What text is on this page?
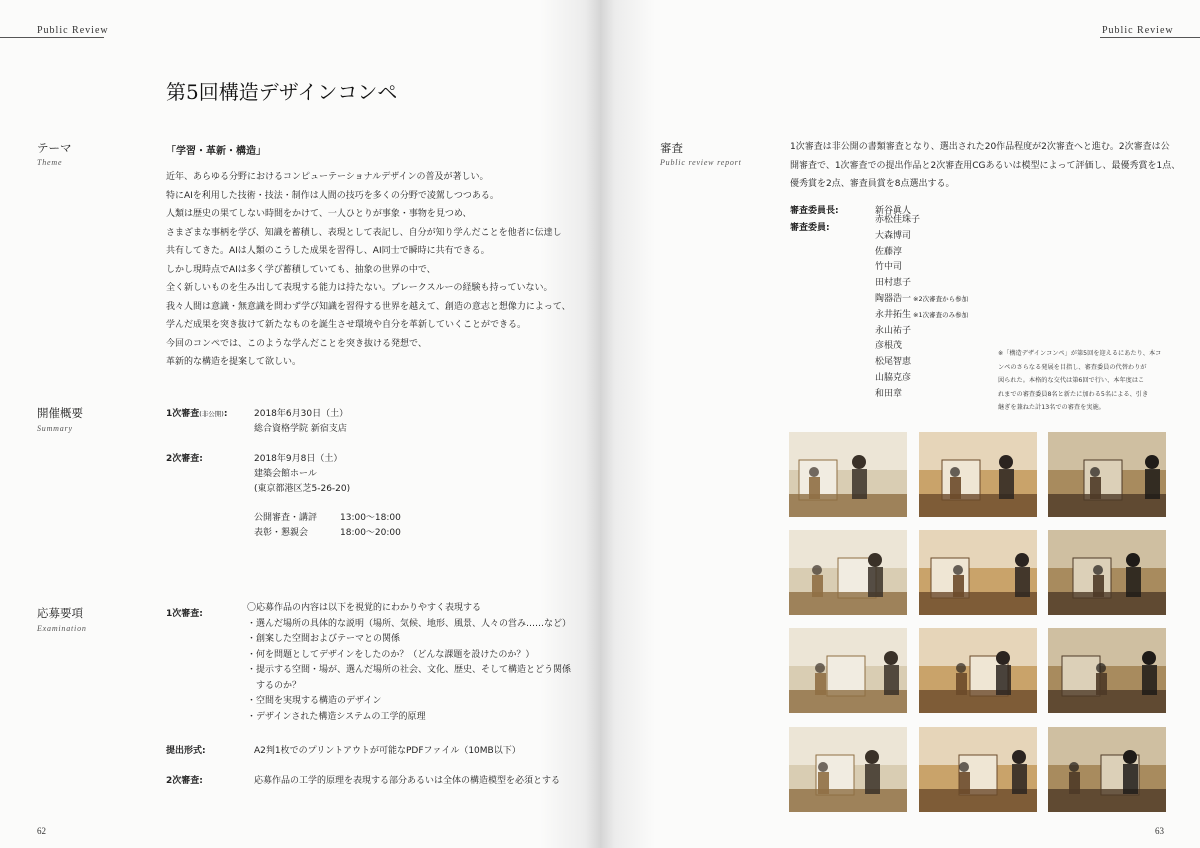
Public Review
第5回構造デザインコンペ
テーマ
Theme
「学習・革新・構造」
近年、あらゆる分野におけるコンピューテーショナルデザインの普及が著しい。
特にAIを利用した技術・技法・制作は人間の技巧を多くの分野で凌駕しつつある。
人類は歴史の果てしない時間をかけて、一人ひとりが事象・事物を見つめ、
さまざまな事柄を学び、知識を蓄積し、表現として表記し、自分が知り学んだことを他者に伝達し
共有してきた。AIは人類のこうした成果を習得し、AI同士で瞬時に共有できる。
しかし現時点でAIは多く学び蓄積していても、抽象の世界の中で、
全く新しいものを生み出して表現する能力は持たない。ブレークスルーの経験も持っていない。
我々人間は意識・無意識を問わず学び知識を習得する世界を越えて、創造の意志と想像力によって、
学んだ成果を突き抜けて新たなものを誕生させ環境や自分を革新していくことができる。
今回のコンペでは、このような学んだことを突き抜ける発想で、
革新的な構造を提案して欲しい。
開催概要
Summary
1次審査(非公開):	2018年6月30日（土）
総合資格学院 新宿支店
2次審査:	2018年9月8日（土）
建築会館ホール
(東京都港区芝5-26-20)
公開審査・講評	13:00～18:00
表彰・懇親会	18:00～20:00
応募要項
Examination
1次審査:
〇応募作品の内容は以下を視覚的にわかりやすく表現する
・選んだ場所の具体的な説明（場所、気候、地形、風景、人々の営み……など）
・創案した空間およびテーマとの関係
・何を問題としてデザインをしたのか？（どんな課題を設けたのか？）
・提示する空間・場が、選んだ場所の社会、文化、歴史、そして構造とどう関係
　するのか？
・空間を実現する構造のデザイン
・デザインされた構造システムの工学的原理
提出形式:	A2判1枚でのプリントアウトが可能なPDFファイル（10MB以下）
2次審査:	応募作品の工学的原理を表現する部分あるいは全体の構造模型を必須とする
62
Public Review
審査
Public review report
1次審査は非公開の書類審査となり、選出された20作品程度が2次審査へと進む。2次審査は公
開審査で、1次審査での提出作品と2次審査用CGあるいは模型によって評価し、最優秀賞を1点、
優秀賞を2点、審査員賞を8点選出する。
審査委員長:	新谷眞人
審査委員:
赤松佳珠子
大森博司
佐藤淳
竹中司
田村恵子
陶器浩一 ※2次審査から参加
永井拓生 ※1次審査のみ参加
永山祐子
彦根茂
松尾智恵
山脇克彦
和田章
※「構造デザインコンペ」が第5回を迎えるにあたり、本コ
ンペのさらなる発展を目指し、審査委員の代替わりが
図られた。本格的な交代は第6回で行い、本年度はこ
れまでの審査委員8名と新たに加わる5名による、引き
継ぎを兼ねた計13名での審査を実施。
63
